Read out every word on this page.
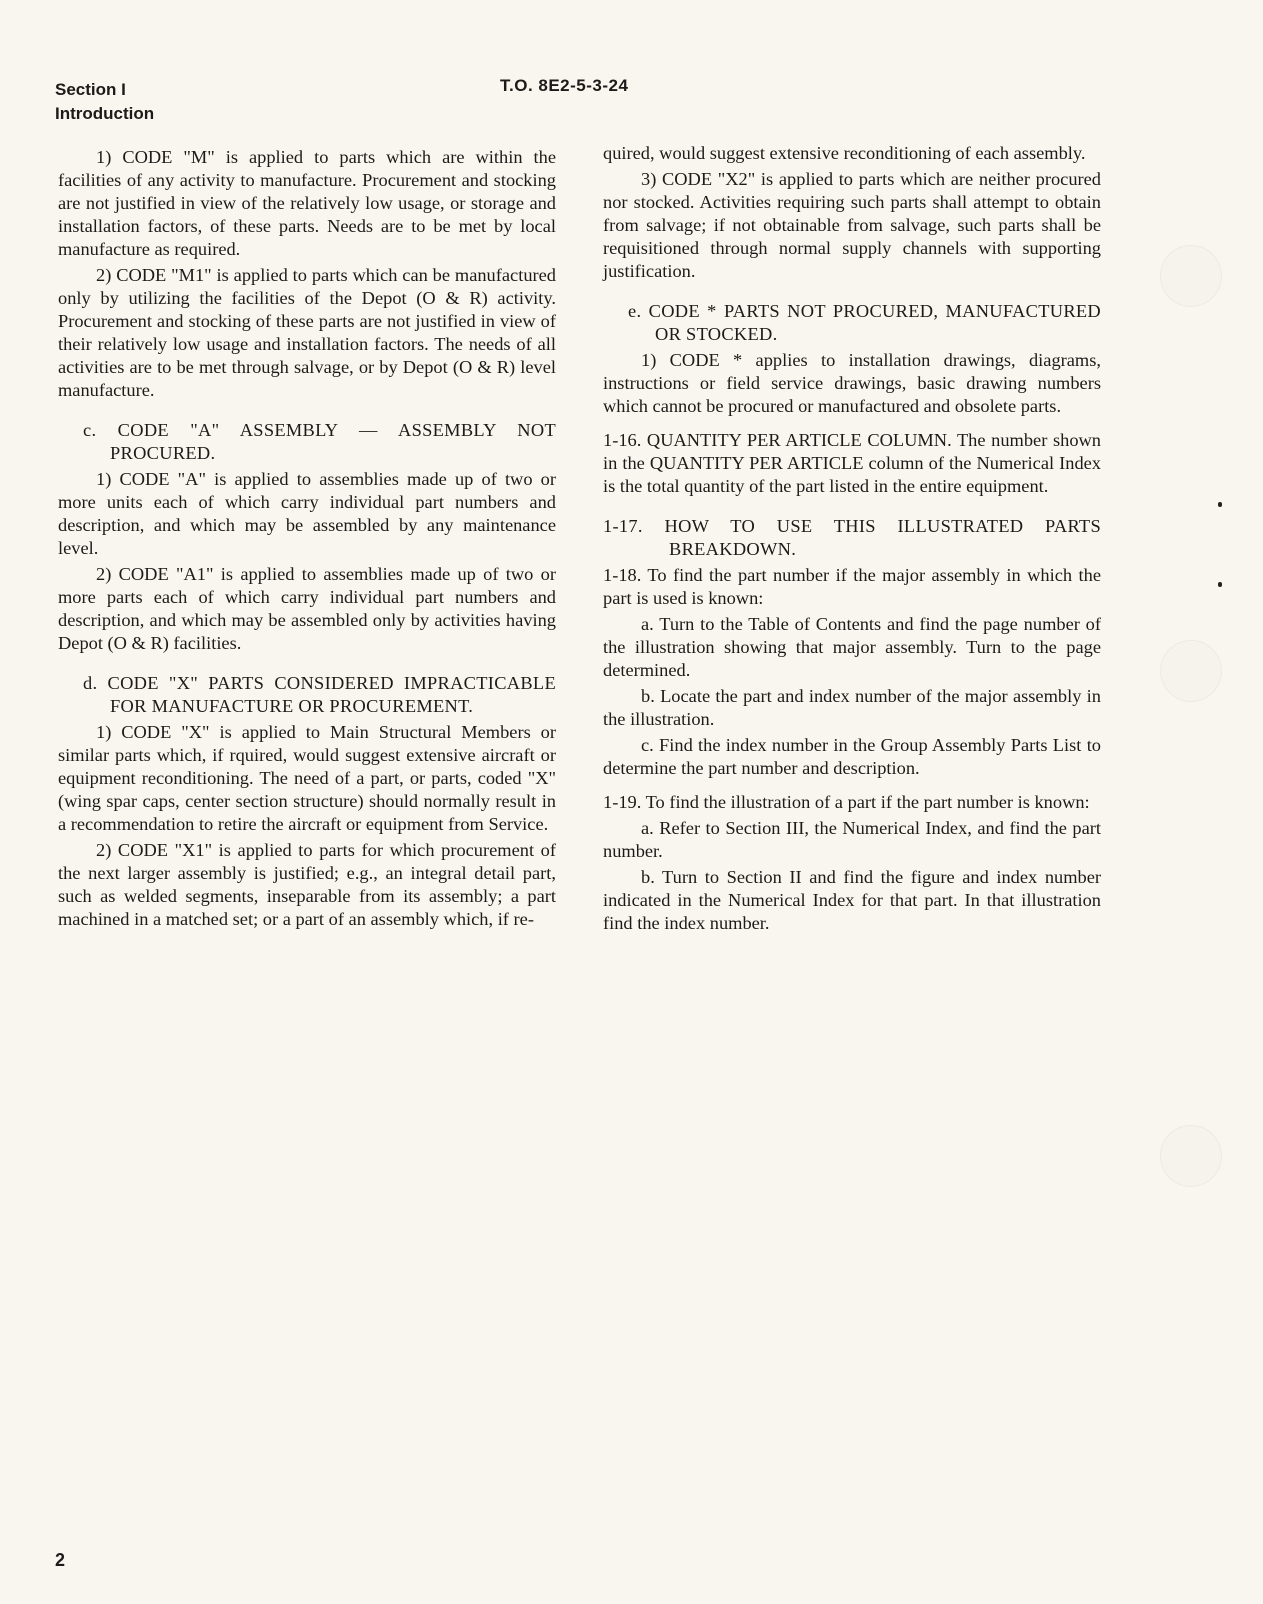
Section I
Introduction
T.O. 8E2-5-3-24

1) CODE "M" is applied to parts which are within the facilities of any activity to manufacture. Procurement and stocking are not justified in view of the relatively low usage, or storage and installation factors, of these parts. Needs are to be met by local manufacture as required.

2) CODE "M1" is applied to parts which can be manufactured only by utilizing the facilities of the Depot (O & R) activity. Procurement and stocking of these parts are not justified in view of their relatively low usage and installation factors. The needs of all activities are to be met through salvage, or by Depot (O & R) level manufacture.

c. CODE "A" ASSEMBLY — ASSEMBLY NOT PROCURED.

1) CODE "A" is applied to assemblies made up of two or more units each of which carry individual part numbers and description, and which may be assembled by any maintenance level.

2) CODE "A1" is applied to assemblies made up of two or more parts each of which carry individual part numbers and description, and which may be assembled only by activities having Depot (O & R) facilities.

d. CODE "X" PARTS CONSIDERED IMPRACTICABLE FOR MANUFACTURE OR PROCUREMENT.

1) CODE "X" is applied to Main Structural Members or similar parts which, if rquired, would suggest extensive aircraft or equipment reconditioning. The need of a part, or parts, coded "X" (wing spar caps, center section structure) should normally result in a recommendation to retire the aircraft or equipment from Service.

2) CODE "X1" is applied to parts for which procurement of the next larger assembly is justified; e.g., an integral detail part, such as welded segments, inseparable from its assembly; a part machined in a matched set; or a part of an assembly which, if re-

quired, would suggest extensive reconditioning of each assembly.

3) CODE "X2" is applied to parts which are neither procured nor stocked. Activities requiring such parts shall attempt to obtain from salvage; if not obtainable from salvage, such parts shall be requisitioned through normal supply channels with supporting justification.

e. CODE * PARTS NOT PROCURED, MANUFACTURED OR STOCKED.

1) CODE * applies to installation drawings, diagrams, instructions or field service drawings, basic drawing numbers which cannot be procured or manufactured and obsolete parts.

1-16. QUANTITY PER ARTICLE COLUMN. The number shown in the QUANTITY PER ARTICLE column of the Numerical Index is the total quantity of the part listed in the entire equipment.

1-17. HOW TO USE THIS ILLUSTRATED PARTS BREAKDOWN.

1-18. To find the part number if the major assembly in which the part is used is known:

a. Turn to the Table of Contents and find the page number of the illustration showing that major assembly. Turn to the page determined.

b. Locate the part and index number of the major assembly in the illustration.

c. Find the index number in the Group Assembly Parts List to determine the part number and description.

1-19. To find the illustration of a part if the part number is known:

a. Refer to Section III, the Numerical Index, and find the part number.

b. Turn to Section II and find the figure and index number indicated in the Numerical Index for that part. In that illustration find the index number.

2
